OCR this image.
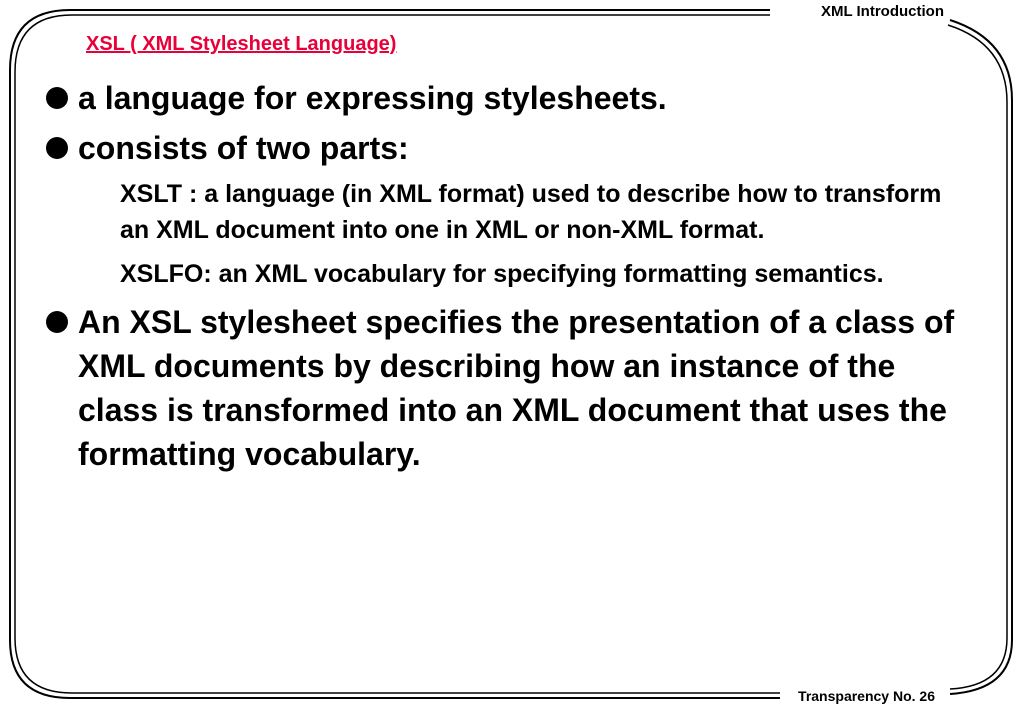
XML Introduction
XSL ( XML Stylesheet Language)
a language for expressing stylesheets.
consists of two parts:
XSLT : a language (in XML format) used to describe how to transform an XML document into one in XML or non-XML format.
XSLFO: an XML vocabulary for specifying formatting semantics.
An XSL stylesheet specifies the presentation of a class of XML documents by describing how an instance of the class is transformed into an XML document that uses the formatting vocabulary.
Transparency No. 26
